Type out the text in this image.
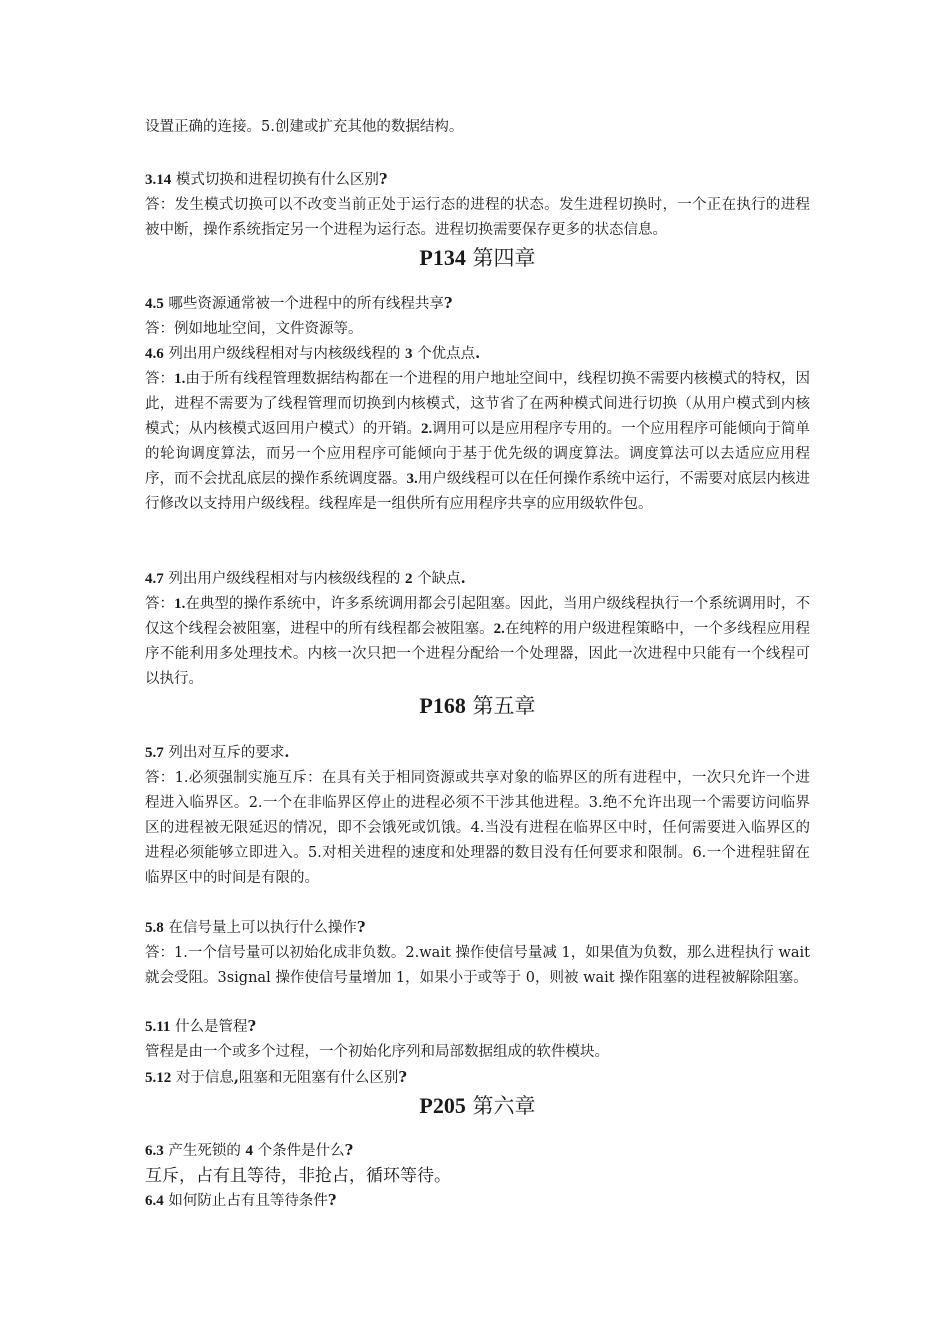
设置正确的连接。5.创建或扩充其他的数据结构。

3.14 模式切换和进程切换有什么区别?

答：发生模式切换可以不改变当前正处于运行态的进程的状态。发生进程切换时，一个正在执行的进程被中断，操作系统指定另一个进程为运行态。进程切换需要保存更多的状态信息。

P134 第四章

4.5 哪些资源通常被一个进程中的所有线程共享?

答：例如地址空间，文件资源等。

4.6 列出用户级线程相对与内核级线程的 3 个优点点.

答：1.由于所有线程管理数据结构都在一个进程的用户地址空间中，线程切换不需要内核模式的特权，因此，进程不需要为了线程管理而切换到内核模式，这节省了在两种模式间进行切换（从用户模式到内核模式；从内核模式返回用户模式）的开销。2.调用可以是应用程序专用的。一个应用程序可能倾向于简单的轮询调度算法，而另一个应用程序可能倾向于基于优先级的调度算法。调度算法可以去适应应用程序，而不会扰乱底层的操作系统调度器。3.用户级线程可以在任何操作系统中运行，不需要对底层内核进行修改以支持用户级线程。线程库是一组供所有应用程序共享的应用级软件包。

4.7 列出用户级线程相对与内核级线程的 2 个缺点.

答：1.在典型的操作系统中，许多系统调用都会引起阻塞。因此，当用户级线程执行一个系统调用时，不仅这个线程会被阻塞，进程中的所有线程都会被阻塞。2.在纯粹的用户级进程策略中，一个多线程应用程序不能利用多处理技术。内核一次只把一个进程分配给一个处理器，因此一次进程中只能有一个线程可以执行。

P168 第五章

5.7 列出对互斥的要求.

答：1.必须强制实施互斥：在具有关于相同资源或共享对象的临界区的所有进程中，一次只允许一个进程进入临界区。2.一个在非临界区停止的进程必须不干涉其他进程。3.绝不允许出现一个需要访问临界区的进程被无限延迟的情况，即不会饿死或饥饿。4.当没有进程在临界区中时，任何需要进入临界区的进程必须能够立即进入。5.对相关进程的速度和处理器的数目没有任何要求和限制。6.一个进程驻留在临界区中的时间是有限的。

5.8 在信号量上可以执行什么操作?

答：1.一个信号量可以初始化成非负数。2.wait 操作使信号量减 1，如果值为负数，那么进程执行 wait 就会受阻。3signal 操作使信号量增加 1，如果小于或等于 0，则被 wait 操作阻塞的进程被解除阻塞。

5.11 什么是管程?

管程是由一个或多个过程，一个初始化序列和局部数据组成的软件模块。

5.12 对于信息,阻塞和无阻塞有什么区别?

P205 第六章

6.3 产生死锁的 4 个条件是什么?

互斥，占有且等待，非抢占，循环等待。

6.4 如何防止占有且等待条件?
